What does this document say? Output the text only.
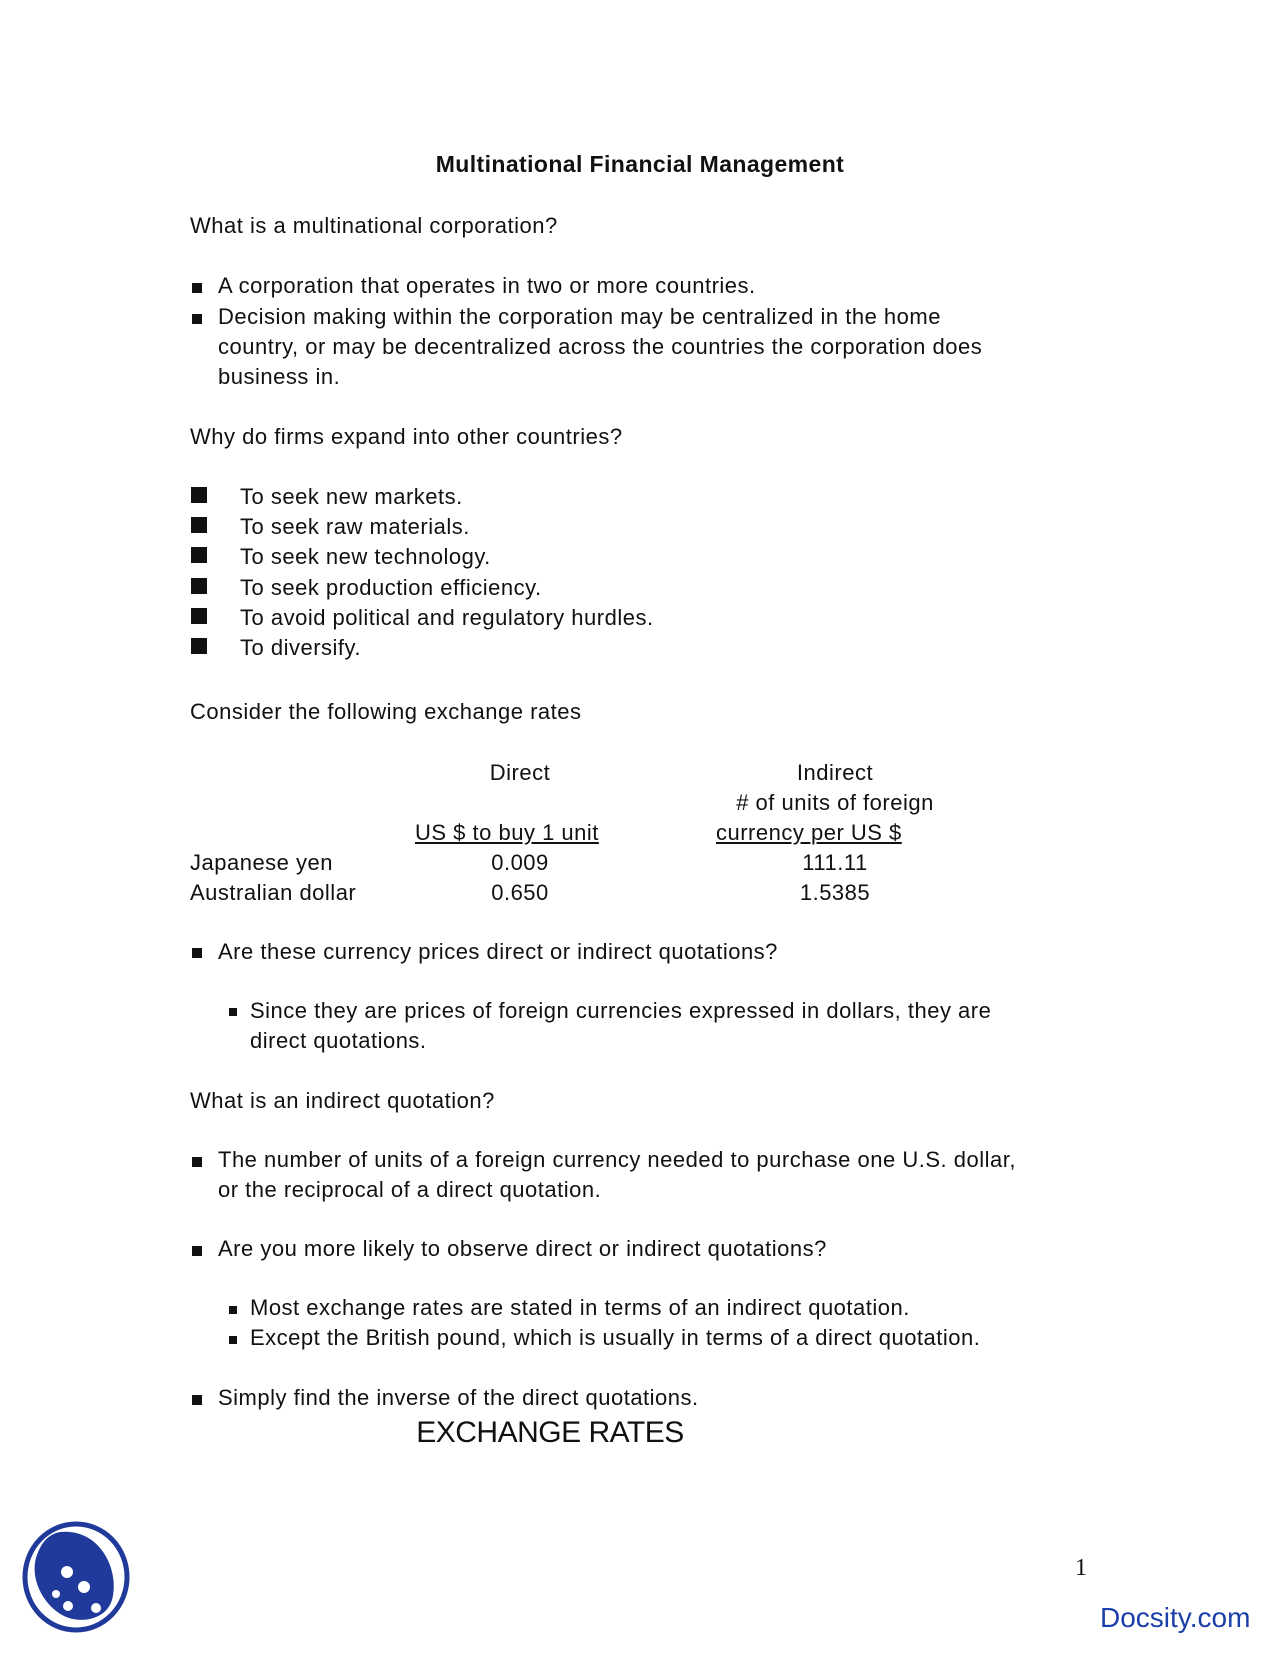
Multinational Financial Management
What is a multinational corporation?
A corporation that operates in two or more countries.
Decision making within the corporation may be centralized in the home
country, or may be decentralized across the countries the corporation does
business in.
Why do firms expand into other countries?
To seek new markets.
To seek raw materials.
To seek new technology.
To seek production efficiency.
To avoid political and regulatory hurdles.
To diversify.
Consider the following exchange rates
Direct	Indirect
# of units of foreign
US $ to buy 1 unit	currency per US $
Japanese yen	0.009	111.11
Australian dollar	0.650	1.5385
Are these currency prices direct or indirect quotations?
Since they are prices of foreign currencies expressed in dollars, they are
direct quotations.
What is an indirect quotation?
The number of units of a foreign currency needed to purchase one U.S. dollar,
or the reciprocal of a direct quotation.
Are you more likely to observe direct or indirect quotations?
Most exchange rates are stated in terms of an indirect quotation.
Except the British pound, which is usually in terms of a direct quotation.
Simply find the inverse of the direct quotations.
EXCHANGE RATES
1
Docsity.com
